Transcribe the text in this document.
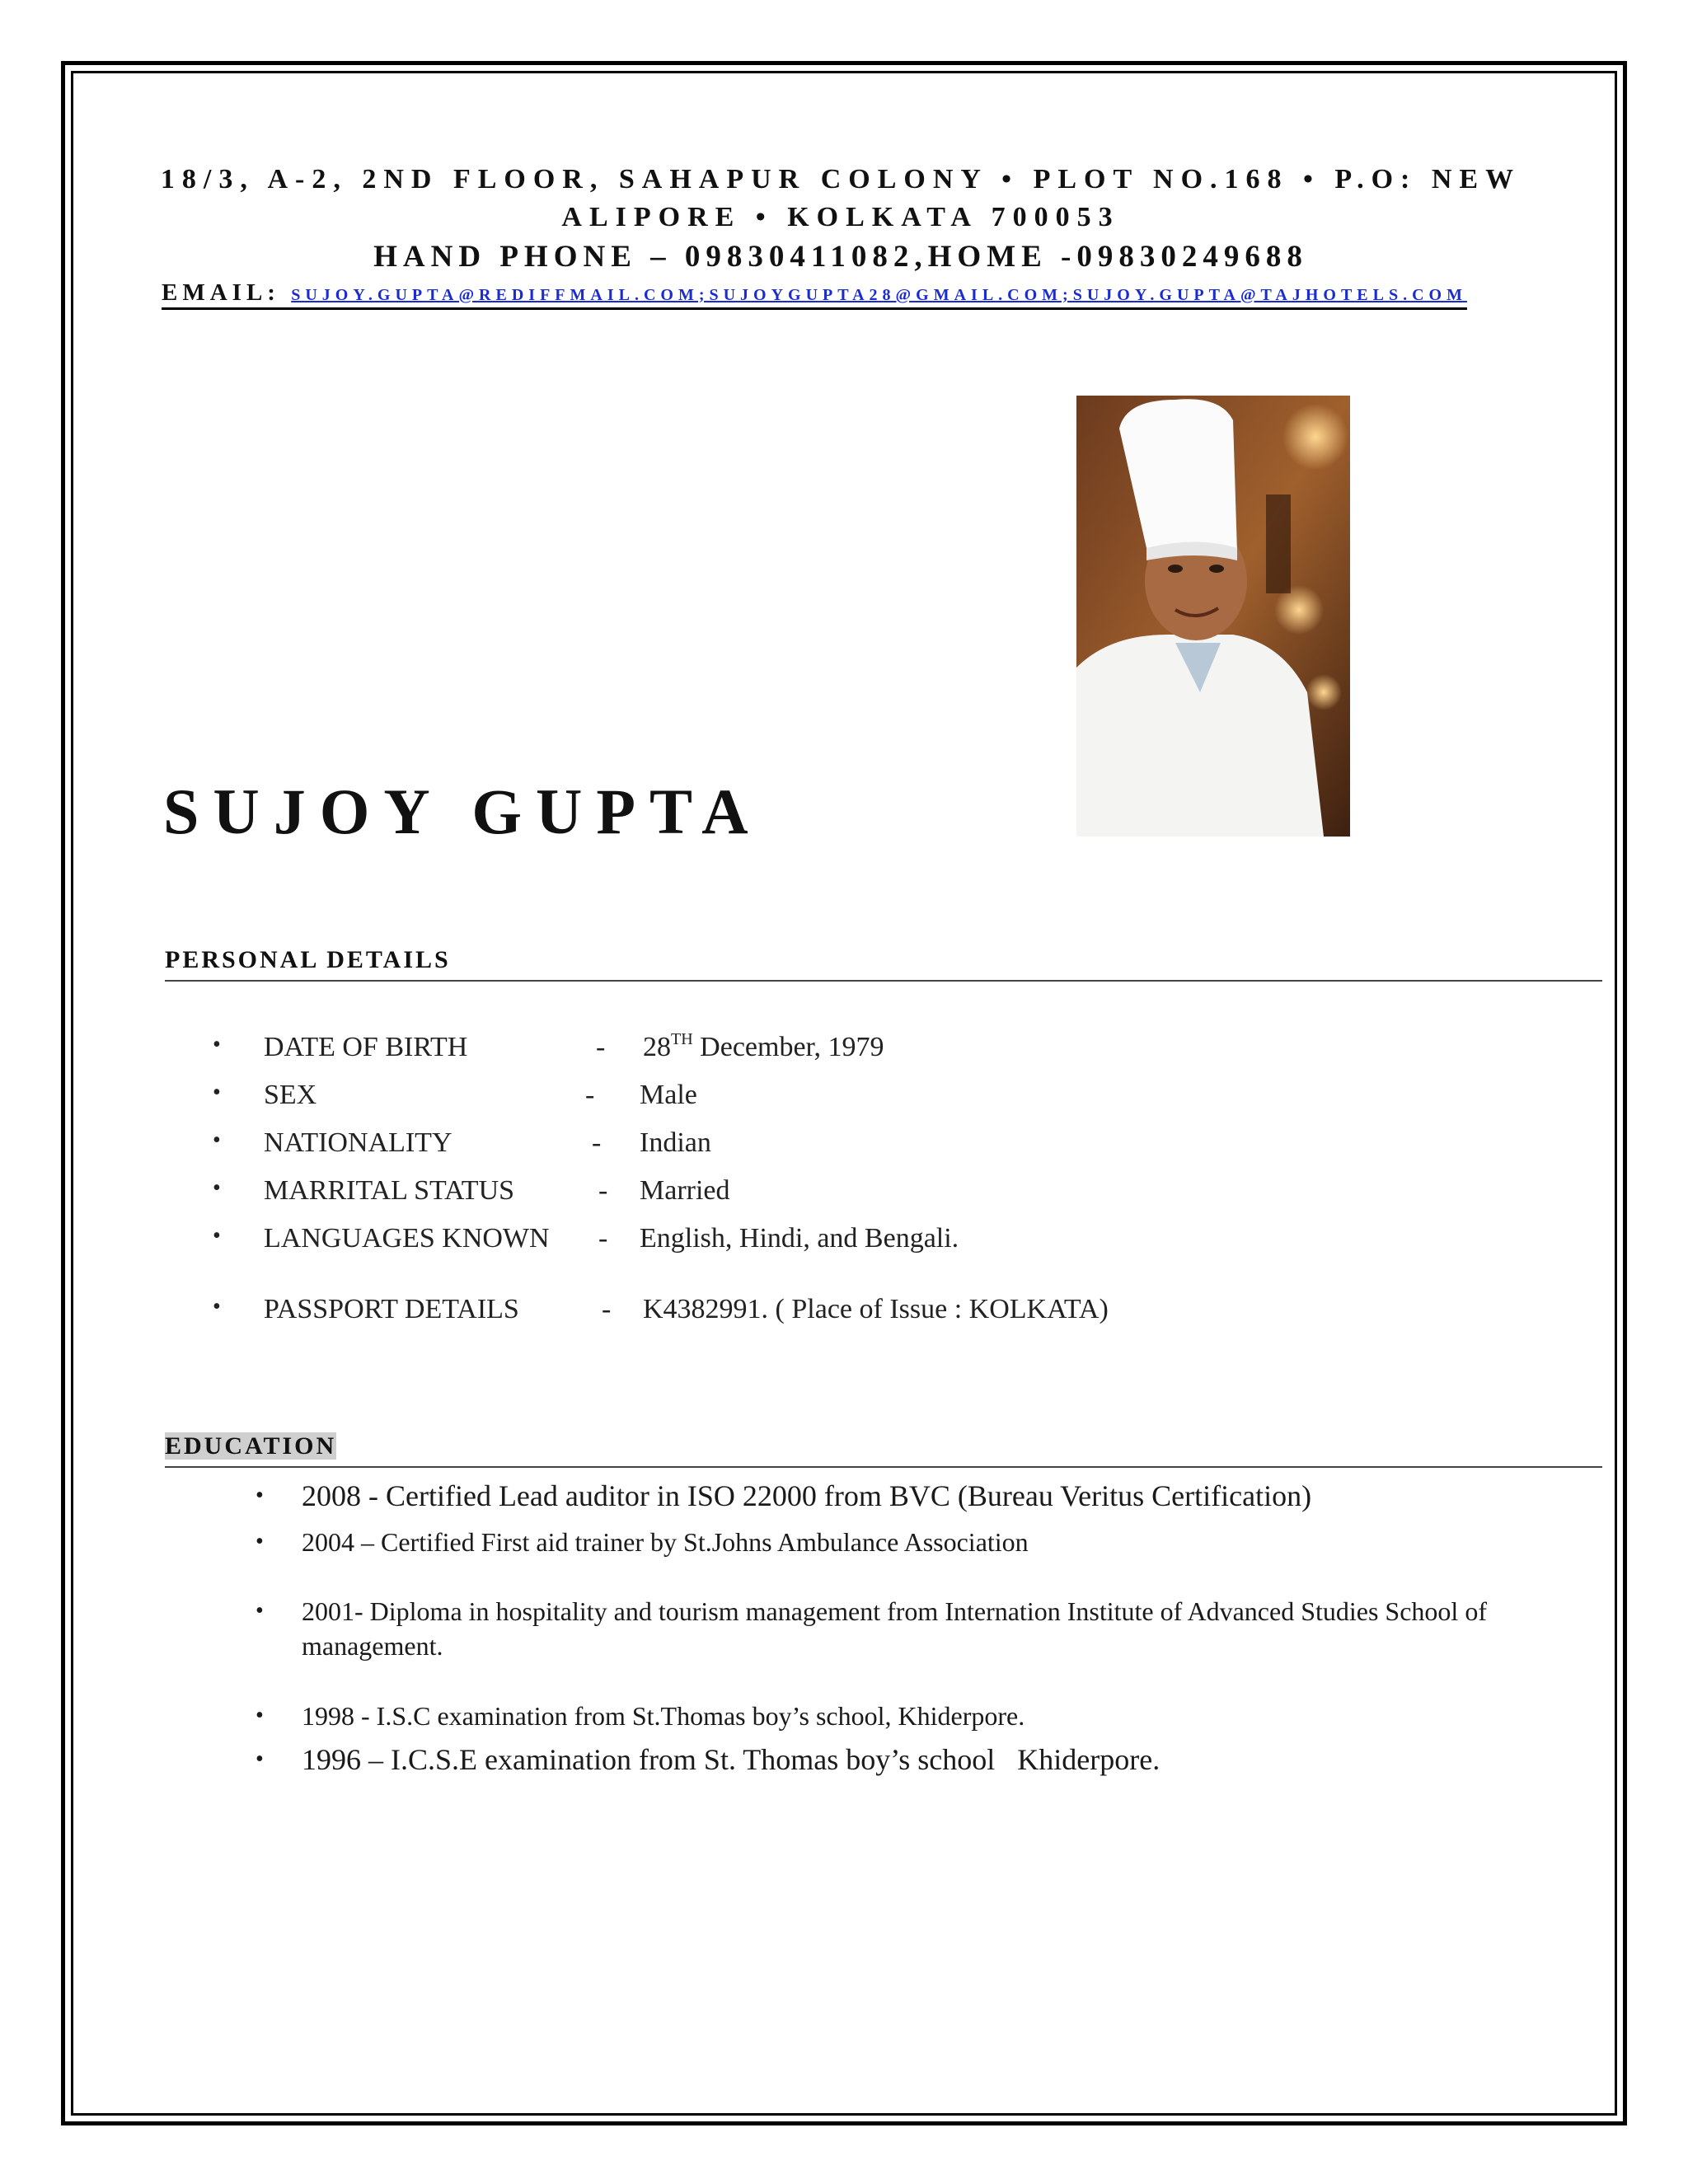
18/3, A-2, 2ND FLOOR, SAHAPUR COLONY • PLOT NO.168 • P.O: NEW
ALIPORE • KOLKATA 700053
HAND PHONE – 09830411082,HOME -09830249688
EMAIL: SUJOY.GUPTA@REDIFFMAIL.COM;SUJOYGUPTA28@GMAIL.COM;SUJOY.GUPTA@TAJHOTELS.COM
SUJOY GUPTA
PERSONAL DETAILS
• DATE OF BIRTH	- 28TH December, 1979
• SEX	- Male
• NATIONALITY	- Indian
• MARRITAL STATUS	- Married
• LANGUAGES KNOWN - English, Hindi, and Bengali.
• PASSPORT DETAILS	- K4382991. ( Place of Issue : KOLKATA)
EDUCATION
• 2008 - Certified Lead auditor in ISO 22000 from BVC (Bureau Veritus Certification)
• 2004 – Certified First aid trainer by St.Johns Ambulance Association
• 2001- Diploma in hospitality and tourism management from Internation Institute of Advanced Studies School of management.
• 1998 - I.S.C examination from St.Thomas boy’s school, Khiderpore.
• 1996 – I.C.S.E examination from St. Thomas boy’s school   Khiderpore.
